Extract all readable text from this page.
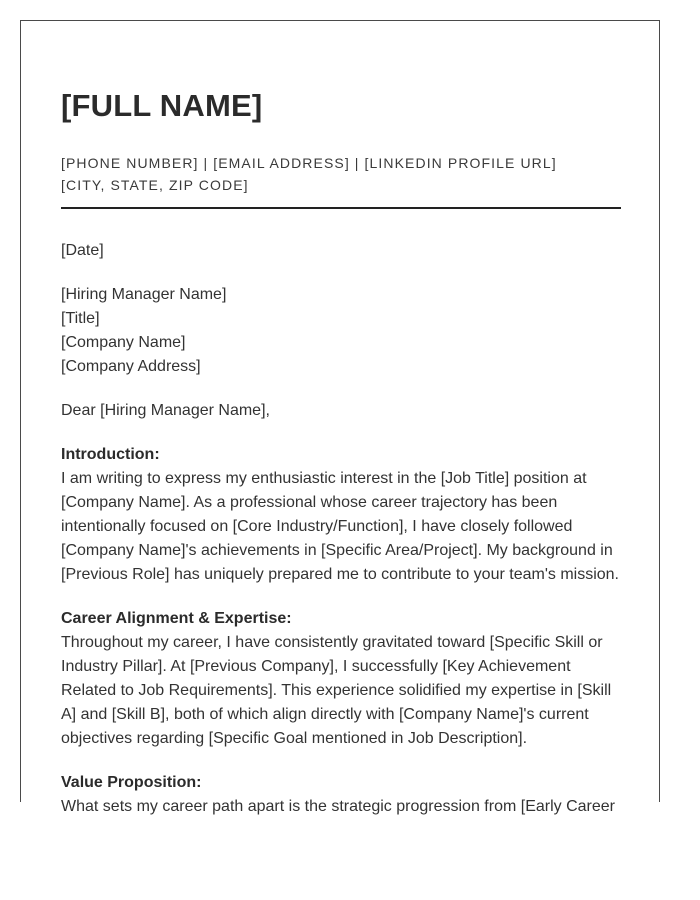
[FULL NAME]
[PHONE NUMBER] | [EMAIL ADDRESS] | [LINKEDIN PROFILE URL]
[CITY, STATE, ZIP CODE]
[Date]
[Hiring Manager Name]
[Title]
[Company Name]
[Company Address]
Dear [Hiring Manager Name],
Introduction:
I am writing to express my enthusiastic interest in the [Job Title] position at [Company Name]. As a professional whose career trajectory has been intentionally focused on [Core Industry/Function], I have closely followed [Company Name]'s achievements in [Specific Area/Project]. My background in [Previous Role] has uniquely prepared me to contribute to your team's mission.
Career Alignment & Expertise:
Throughout my career, I have consistently gravitated toward [Specific Skill or Industry Pillar]. At [Previous Company], I successfully [Key Achievement Related to Job Requirements]. This experience solidified my expertise in [Skill A] and [Skill B], both of which align directly with [Company Name]'s current objectives regarding [Specific Goal mentioned in Job Description].
Value Proposition:
What sets my career path apart is the strategic progression from [Early Career
